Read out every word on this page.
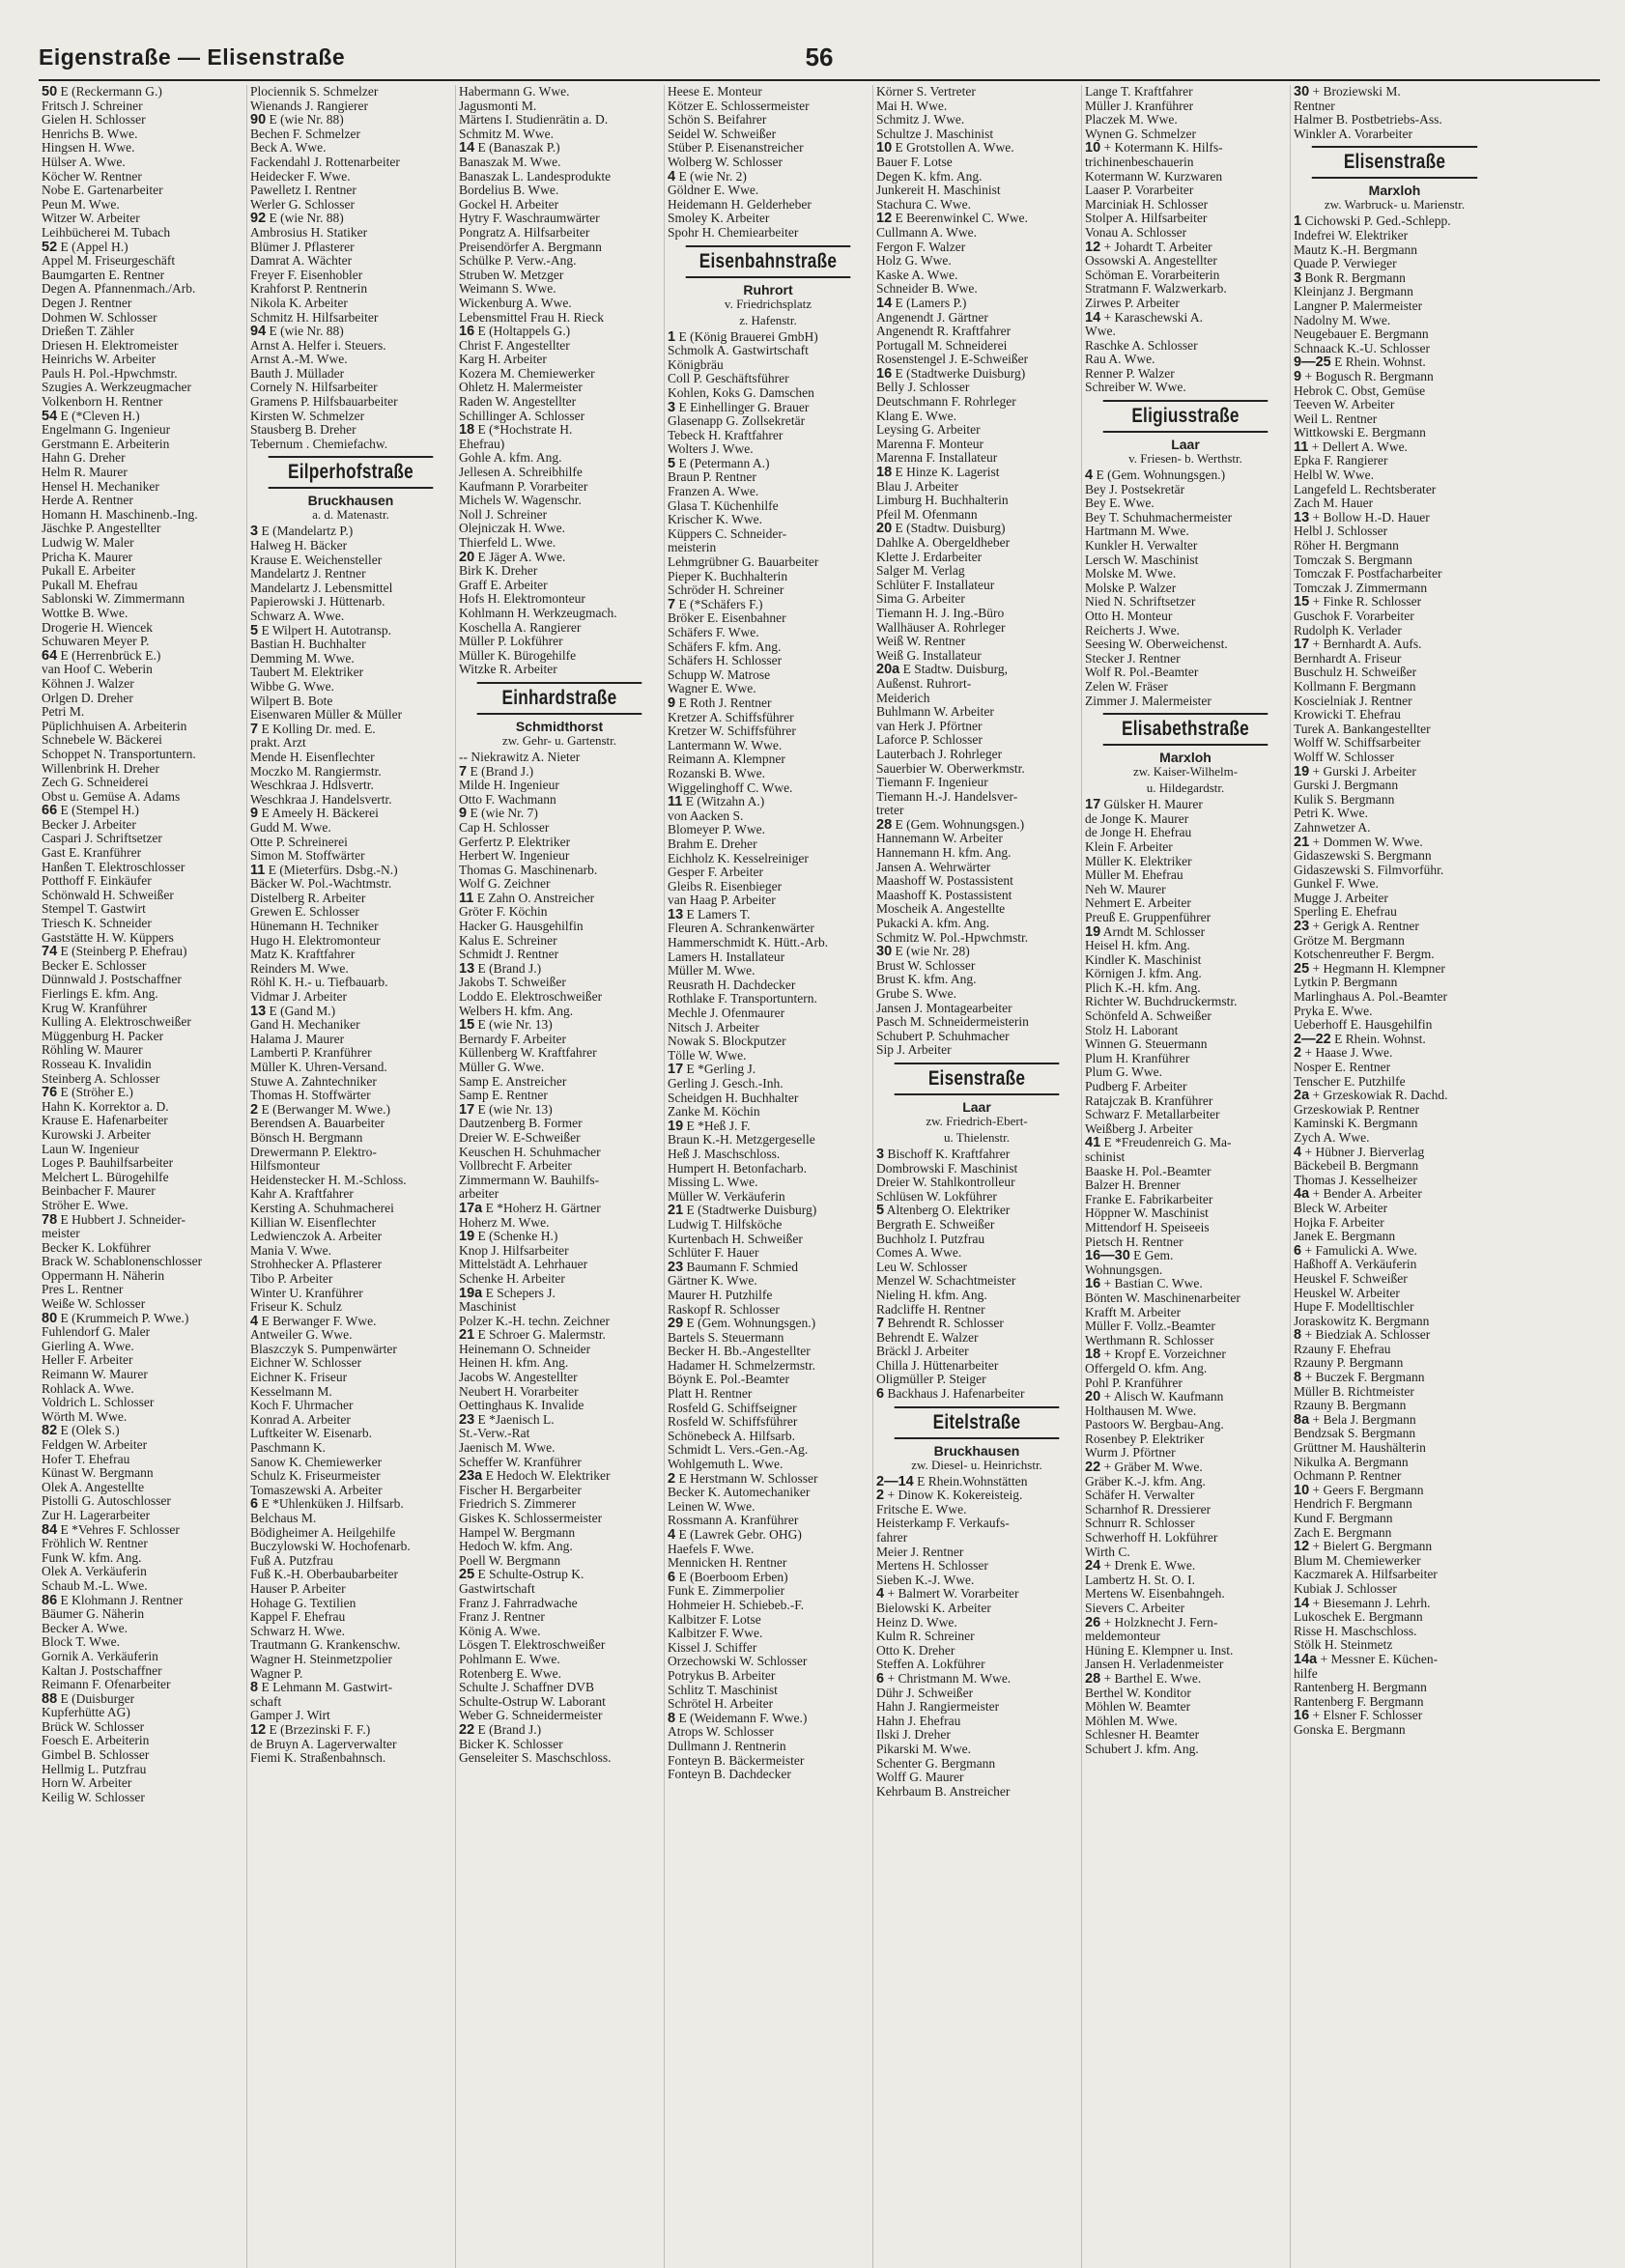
Eigenstraße — Elisenstraße	56
50 E (Reckermann G.)
Fritsch J. Schreiner
Gielen H. Schlosser
Henrichs B. Wwe.
Hingsen H. Wwe.
Hülser A. Wwe.
Köcher W. Rentner
Nobe E. Gartenarbeiter
Peun M. Wwe.
Witzer W. Arbeiter
Leihbücherei M. Tubach
52 E (Appel H.)
Appel M. Friseurgeschäft
Baumgarten E. Rentner
Degen A. Pfannenmach./Arb.
Degen J. Rentner
Dohmen W. Schlosser
Drießen T. Zähler
Driesen H. Elektromeister
Heinrichs W. Arbeiter
Pauls H. Pol.-Hpwchmstr.
Szugies A. Werkzeugmacher
Volkenborn H. Rentner
54 E (*Cleven H.)
Engelmann G. Ingenieur
Gerstmann E. Arbeiterin
Hahn G. Dreher
Helm R. Maurer
Hensel H. Mechaniker
Herde A. Rentner
Homann H. Maschinenb.-Ing.
Jäschke P. Angestellter
Ludwig W. Maler
Pricha K. Maurer
Pukall E. Arbeiter
Pukall M. Ehefrau
Sablonski W. Zimmermann
Wottke B. Wwe.
Drogerie H. Wiencek
Schuwaren Meyer P.
64 E (Herrenbrück E.)
van Hoof C. Weberin
Köhnen J. Walzer
Orlgen D. Dreher
Petri M.
Püplichhuisen A. Arbeiterin
Schnebele W. Bäckerei
Schoppet N. Transportuntern.
Willenbrink H. Dreher
Zech G. Schneiderei
Obst u. Gemüse A. Adams
66 E (Stempel H.)
Becker J. Arbeiter
Caspari J. Schriftsetzer
Gast E. Kranführer
Hanßen T. Elektroschlosser
Potthoff F. Einkäufer
Schönwald H. Schweißer
Stempel T. Gastwirt
Triesch K. Schneider
Gaststätte H. W. Küppers
74 E (Steinberg P. Ehefrau)
Becker E. Schlosser
Dünnwald J. Postschaffner
Fierlings E. kfm. Ang.
Krug W. Kranführer
Kulling A. Elektroschweißer
Müggenburg H. Packer
Röhling W. Maurer
Rosseau K. Invalidin
Steinberg A. Schlosser
76 E (Ströher E.)
Hahn K. Korrektor a. D.
Krause E. Hafenarbeiter
Kurowski J. Arbeiter
Laun W. Ingenieur
Loges P. Bauhilfsarbeiter
Melchert L. Bürogehilfe
Beinbacher F. Maurer
Ströher E. Wwe.
78 E Hubbert J. Schneider-
meister
Becker K. Lokführer
Brack W. Schablonenschlosser
Oppermann H. Näherin
Pres L. Rentner
Weiße W. Schlosser
80 E (Krummeich P. Wwe.)
Fuhlendorf G. Maler
Gierling A. Wwe.
Heller F. Arbeiter
Reimann W. Maurer
Rohlack A. Wwe.
Voldrich L. Schlosser
Wörth M. Wwe.
82 E (Olek S.)
Feldgen W. Arbeiter
Hofer T. Ehefrau
Künast W. Bergmann
Olek A. Angestellte
Pistolli G. Autoschlosser
Zur H. Lagerarbeiter
84 E *Vehres F. Schlosser
Fröhlich W. Rentner
Funk W. kfm. Ang.
Olek A. Verkäuferin
Schaub M.-L. Wwe.
86 E Klohmann J. Rentner
Bäumer G. Näherin
Becker A. Wwe.
Block T. Wwe.
Gornik A. Verkäuferin
Kaltan J. Postschaffner
Reimann F. Ofenarbeiter
88 E (Duisburger
Kupferhütte AG)
Brück W. Schlosser
Foesch E. Arbeiterin
Gimbel B. Schlosser
Hellmig L. Putzfrau
Horn W. Arbeiter
Keilig W. Schlosser
Plociennik S. Schmelzer
Wienands J. Rangierer
90 E (wie Nr. 88)
Bechen F. Schmelzer
Beck A. Wwe.
Fackendahl J. Rottenarbeiter
Heidecker F. Wwe.
Pawelletz I. Rentner
Werler G. Schlosser
92 E (wie Nr. 88)
Ambrosius H. Statiker
Blümer J. Pflasterer
Damrat A. Wächter
Freyer F. Eisenhobler
Krahforst P. Rentnerin
Nikola K. Arbeiter
Schmitz H. Hilfsarbeiter
94 E (wie Nr. 88)
Arnst A. Helfer i. Steuers.
Arnst A.-M. Wwe.
Bauth J. Müllader
Cornely N. Hilfsarbeiter
Gramens P. Hilfsbauarbeiter
Kirsten W. Schmelzer
Stausberg B. Dreher
Tebernum . Chemiefachw.
Eilperhofstraße
Bruckhausen
a. d. Matenastr.
3 E (Mandelartz P.)
Halweg H. Bäcker
Krause E. Weichensteller
Mandelartz J. Rentner
Mandelartz J. Lebensmittel
Papierowski J. Hüttenarb.
Schwarz A. Wwe.
5 E Wilpert H. Autotransp.
Bastian H. Buchhalter
Demming M. Wwe.
Taubert M. Elektriker
Wibbe G. Wwe.
Wilpert B. Bote
Eisenwaren Müller & Müller
7 E Kolling Dr. med. E.
prakt. Arzt
Mende H. Eisenflechter
Moczko M. Rangiermstr.
Weschkraa J. Hdlsvertr.
Weschkraa J. Handelsvertr.
9 E Ameely H. Bäckerei
Gudd M. Wwe.
Otte P. Schreinerei
Simon M. Stoffwärter
11 E (Mieterfürs. Dsbg.-N.)
Bäcker W. Pol.-Wachtmstr.
Distelberg R. Arbeiter
Grewen E. Schlosser
Hünemann H. Techniker
Hugo H. Elektromonteur
Matz K. Kraftfahrer
Reinders M. Wwe.
Röhl K. H.- u. Tiefbauarb.
Vidmar J. Arbeiter
13 E (Gand M.)
Gand H. Mechaniker
Halama J. Maurer
Lamberti P. Kranführer
Müller K. Uhren-Versand.
Stuwe A. Zahntechniker
Thomas H. Stoffwärter
2 E (Berwanger M. Wwe.)
Berendsen A. Bauarbeiter
Bönsch H. Bergmann
Drewermann P. Elektro-
Hilfsmonteur
Heidenstecker H. M.-Schloss.
Kahr A. Kraftfahrer
Kersting A. Schuhmacherei
Killian W. Eisenflechter
Ledwienczok A. Arbeiter
Mania V. Wwe.
Strohhecker A. Pflasterer
Tibo P. Arbeiter
Winter U. Kranführer
Friseur K. Schulz
4 E Berwanger F. Wwe.
Antweiler G. Wwe.
Blaszczyk S. Pumpenwärter
Eichner W. Schlosser
Eichner K. Friseur
Kesselmann M.
Koch F. Uhrmacher
Konrad A. Arbeiter
Luftkeiter W. Eisenarb.
Paschmann K.
Sanow K. Chemiewerker
Schulz K. Friseurmeister
Tomaszewski A. Arbeiter
6 E *Uhlenküken J. Hilfsarb.
Belchaus M.
Bödigheimer A. Heilgehilfe
Buczylowski W. Hochofenarb.
Fuß A. Putzfrau
Fuß K.-H. Oberbaubarbeiter
Hauser P. Arbeiter
Hohage G. Textilien
Kappel F. Ehefrau
Schwarz H. Wwe.
Trautmann G. Krankenschw.
Wagner H. Steinmetzpolier
Wagner P.
8 E Lehmann M. Gastwirt-
schaft
Gamper J. Wirt
12 E (Brzezinski F. F.)
de Bruyn A. Lagerverwalter
Fiemi K. Straßenbahnsch.
Habermann G. Wwe.
Jagusmonti M.
Märtens I. Studienrätin a. D.
Schmitz M. Wwe.
14 E (Banaszak P.)
Banaszak M. Wwe.
Banaszak L. Landesprodukte
Bordelius B. Wwe.
Gockel H. Arbeiter
Hytry F. Waschraumwärter
Pongratz A. Hilfsarbeiter
Preisendörfer A. Bergmann
Schülke P. Verw.-Ang.
Struben W. Metzger
Weimann S. Wwe.
Wickenburg A. Wwe.
Lebensmittel Frau H. Rieck
16 E (Holtappels G.)
Christ F. Angestellter
Karg H. Arbeiter
Kozera M. Chemiewerker
Ohletz H. Malermeister
Raden W. Angestellter
Schillinger A. Schlosser
18 E (*Hochstrate H.
Ehefrau)
Gohle A. kfm. Ang.
Jellesen A. Schreibhilfe
Kaufmann P. Vorarbeiter
Michels W. Wagenschr.
Noll J. Schreiner
Olejniczak H. Wwe.
Thierfeld L. Wwe.
20 E Jäger A. Wwe.
Birk K. Dreher
Graff E. Arbeiter
Hofs H. Elektromonteur
Kohlmann H. Werkzeugmach.
Koschella A. Rangierer
Müller P. Lokführer
Müller K. Bürogehilfe
Witzke R. Arbeiter
Einhardstraße
Schmidthorst
zw. Gehr- u. Gartenstr.
-- Niekrawitz A. Nieter
7 E (Brand J.)
Milde H. Ingenieur
Otto F. Wachmann
9 E (wie Nr. 7)
Cap H. Schlosser
Gerfertz P. Elektriker
Herbert W. Ingenieur
Thomas G. Maschinenarb.
Wolf G. Zeichner
11 E Zahn O. Anstreicher
Gröter F. Köchin
Hacker G. Hausgehilfin
Kalus E. Schreiner
Schmidt J. Rentner
13 E (Brand J.)
Jakobs T. Schweißer
Loddo E. Elektroschweißer
Welbers H. kfm. Ang.
15 E (wie Nr. 13)
Bernardy F. Arbeiter
Küllenberg W. Kraftfahrer
Müller G. Wwe.
Samp E. Anstreicher
Samp E. Rentner
17 E (wie Nr. 13)
Dautzenberg B. Former
Dreier W. E-Schweißer
Keuschen H. Schuhmacher
Vollbrecht F. Arbeiter
Zimmermann W. Bauhilfs-
arbeiter
17a E *Hoherz H. Gärtner
Hoherz M. Wwe.
19 E (Schenke H.)
Knop J. Hilfsarbeiter
Mittelstädt A. Lehrhauer
Schenke H. Arbeiter
19a E Schepers J.
Maschinist
Polzer K.-H. techn. Zeichner
21 E Schroer G. Malermstr.
Heinemann O. Schneider
Heinen H. kfm. Ang.
Jacobs W. Angestellter
Neubert H. Vorarbeiter
Oettinghaus K. Invalide
23 E *Jaenisch L.
St.-Verw.-Rat
Jaenisch M. Wwe.
Scheffer W. Kranführer
23a E Hedoch W. Elektriker
Fischer H. Bergarbeiter
Friedrich S. Zimmerer
Giskes K. Schlossermeister
Hampel W. Bergmann
Hedoch W. kfm. Ang.
Poell W. Bergmann
25 E Schulte-Ostrup K.
Gastwirtschaft
Franz J. Fahrradwache
Franz J. Rentner
König A. Wwe.
Lösgen T. Elektroschweißer
Pohlmann E. Wwe.
Rotenberg E. Wwe.
Schulte J. Schaffner DVB
Schulte-Ostrup W. Laborant
Weber G. Schneidermeister
22 E (Brand J.)
Bicker K. Schlosser
Genseleiter S. Maschschloss.
Heese E. Monteur
Kötzer E. Schlossermeister
Schön S. Beifahrer
Seidel W. Schweißer
Stüber P. Eisenanstreicher
Wolberg W. Schlosser
4 E (wie Nr. 2)
Göldner E. Wwe.
Heidemann H. Gelderheber
Smoley K. Arbeiter
Spohr H. Chemiearbeiter
Eisenbahnstraße
Ruhrort
v. Friedrichsplatz
z. Hafenstr.
1 E (König Brauerei GmbH)
Schmolk A. Gastwirtschaft
Königbräu
Coll P. Geschäftsführer
Kohlen, Koks G. Damschen
3 E Einhellinger G. Brauer
Glasenapp G. Zollsekretär
Tebeck H. Kraftfahrer
Wolters J. Wwe.
5 E (Petermann A.)
Braun P. Rentner
Franzen A. Wwe.
Glasa T. Küchenhilfe
Krischer K. Wwe.
Küppers C. Schneider-
meisterin
Lehmgrübner G. Bauarbeiter
Pieper K. Buchhalterin
Schröder H. Schreiner
7 E (*Schäfers F.)
Bröker E. Eisenbahner
Schäfers F. Wwe.
Schäfers F. kfm. Ang.
Schäfers H. Schlosser
Schupp W. Matrose
Wagner E. Wwe.
9 E Roth J. Rentner
Kretzer A. Schiffsführer
Kretzer W. Schiffsführer
Lantermann W. Wwe.
Reimann A. Klempner
Rozanski B. Wwe.
Wiggelinghoff C. Wwe.
11 E (Witzahn A.)
von Aacken S.
Blomeyer P. Wwe.
Brahm E. Dreher
Eichholz K. Kesselreiniger
Gesper F. Arbeiter
Gleibs R. Eisenbieger
van Haag P. Arbeiter
13 E Lamers T.
Fleuren A. Schrankenwärter
Hammerschmidt K. Hütt.-Arb.
Lamers H. Installateur
Müller M. Wwe.
Reusrath H. Dachdecker
Rothlake F. Transportuntern.
Mechle J. Ofenmaurer
Nitsch J. Arbeiter
Nowak S. Blockputzer
Tölle W. Wwe.
17 E *Gerling J.
Gerling J. Gesch.-Inh.
Scheidgen H. Buchhalter
Zanke M. Köchin
19 E *Heß J. F.
Braun K.-H. Metzgergeselle
Heß J. Maschschloss.
Humpert H. Betonfacharb.
Missing L. Wwe.
Müller W. Verkäuferin
21 E (Stadtwerke Duisburg)
Ludwig T. Hilfsköche
Kurtenbach H. Schweißer
Schlüter F. Hauer
23 Baumann F. Schmied
Gärtner K. Wwe.
Maurer H. Putzhilfe
Raskopf R. Schlosser
29 E (Gem. Wohnungsgen.)
Bartels S. Steuermann
Becker H. Bb.-Angestellter
Hadamer H. Schmelzermstr.
Böynk E. Pol.-Beamter
Platt H. Rentner
Rosfeld G. Schiffseigner
Rosfeld W. Schiffsführer
Schönebeck A. Hilfsarb.
Schmidt L. Vers.-Gen.-Ag.
Wohlgemuth L. Wwe.
2 E Herstmann W. Schlosser
Becker K. Automechaniker
Leinen W. Wwe.
Rossmann A. Kranführer
4 E (Lawrek Gebr. OHG)
Haefels F. Wwe.
Mennicken H. Rentner
6 E (Boerboom Erben)
Funk E. Zimmerpolier
Hohmeier H. Schiebeb.-F.
Kalbitzer F. Lotse
Kalbitzer F. Wwe.
Kissel J. Schiffer
Orzechowski W. Schlosser
Potrykus B. Arbeiter
Schlitz T. Maschinist
Schrötel H. Arbeiter
8 E (Weidemann F. Wwe.)
Atrops W. Schlosser
Dullmann J. Rentnerin
Fonteyn B. Bäckermeister
Fonteyn B. Dachdecker
Körner S. Vertreter
Mai H. Wwe.
Schmitz J. Wwe.
Schultze J. Maschinist
10 E Grotstollen A. Wwe.
Bauer F. Lotse
Degen K. kfm. Ang.
Junkereit H. Maschinist
Stachura C. Wwe.
12 E Beerenwinkel C. Wwe.
Cullmann A. Wwe.
Fergon F. Walzer
Holz G. Wwe.
Kaske A. Wwe.
Schneider B. Wwe.
14 E (Lamers P.)
Angenendt J. Gärtner
Angenendt R. Kraftfahrer
Portugall M. Schneiderei
Rosenstengel J. E-Schweißer
16 E (Stadtwerke Duisburg)
Belly J. Schlosser
Deutschmann F. Rohrleger
Klang E. Wwe.
Leysing G. Arbeiter
Marenna F. Monteur
Marenna F. Installateur
18 E Hinze K. Lagerist
Blau J. Arbeiter
Limburg H. Buchhalterin
Pfeil M. Ofenmann
20 E (Stadtw. Duisburg)
Dahlke A. Obergeldheber
Klette J. Erdarbeiter
Salger M. Verlag
Schlüter F. Installateur
Sima G. Arbeiter
Tiemann H. J. Ing.-Büro
Wallhäuser A. Rohrleger
Weiß W. Rentner
Weiß G. Installateur
20a E Stadtw. Duisburg,
Außenst. Ruhrort-
Meiderich
Buhlmann W. Arbeiter
van Herk J. Pförtner
Laforce P. Schlosser
Lauterbach J. Rohrleger
Sauerbier W. Oberwerkmstr.
Tiemann F. Ingenieur
Tiemann H.-J. Handelsver-
treter
28 E (Gem. Wohnungsgen.)
Hannemann W. Arbeiter
Hannemann H. kfm. Ang.
Jansen A. Wehrwärter
Maashoff W. Postassistent
Maashoff K. Postassistent
Moscheik A. Angestellte
Pukacki A. kfm. Ang.
Schmitz W. Pol.-Hpwchmstr.
30 E (wie Nr. 28)
Brust W. Schlosser
Brust K. kfm. Ang.
Grube S. Wwe.
Jansen J. Montagearbeiter
Pasch M. Schneidermeisterin
Schubert P. Schuhmacher
Sip J. Arbeiter
Eisenstraße
Laar
zw. Friedrich-Ebert-
u. Thielenstr.
3 Bischoff K. Kraftfahrer
Dombrowski F. Maschinist
Dreier W. Stahlkontrolleur
Schlüsen W. Lokführer
5 Altenberg O. Elektriker
Bergrath E. Schweißer
Buchholz I. Putzfrau
Comes A. Wwe.
Leu W. Schlosser
Menzel W. Schachtmeister
Nieling H. kfm. Ang.
Radcliffe H. Rentner
7 Behrendt R. Schlosser
Behrendt E. Walzer
Bräckl J. Arbeiter
Chilla J. Hüttenarbeiter
Oligmüller P. Steiger
6 Backhaus J. Hafenarbeiter
Eitelstraße
Bruckhausen
zw. Diesel- u. Heinrichstr.
2—14 E Rhein.Wohnstätten
2 + Dinow K. Kokereisteig.
Fritsche E. Wwe.
Heisterkamp F. Verkaufs-
fahrer
Meier J. Rentner
Mertens H. Schlosser
Sieben K.-J. Wwe.
4 + Balmert W. Vorarbeiter
Bielowski K. Arbeiter
Heinz D. Wwe.
Kulm R. Schreiner
Otto K. Dreher
Steffen A. Lokführer
6 + Christmann M. Wwe.
Dühr J. Schweißer
Hahn J. Rangiermeister
Hahn J. Ehefrau
Ilski J. Dreher
Pikarski M. Wwe.
Schenter G. Bergmann
Wolff G. Maurer
Kehrbaum B. Anstreicher
Lange T. Kraftfahrer
Müller J. Kranführer
Placzek M. Wwe.
Wynen G. Schmelzer
10 + Kotermann K. Hilfs-
trichinenbeschauerin
Kotermann W. Kurzwaren
Laaser P. Vorarbeiter
Marciniak H. Schlosser
Stolper A. Hilfsarbeiter
Vonau A. Schlosser
12 + Johardt T. Arbeiter
Ossowski A. Angestellter
Schöman E. Vorarbeiterin
Stratmann F. Walzwerkarb.
Zirwes P. Arbeiter
14 + Karaschewski A.
Wwe.
Raschke A. Schlosser
Rau A. Wwe.
Renner P. Walzer
Schreiber W. Wwe.
Eligiusstraße
Laar
v. Friesen- b. Werthstr.
4 E (Gem. Wohnungsgen.)
Bey J. Postsekretär
Bey E. Wwe.
Bey T. Schuhmachermeister
Hartmann M. Wwe.
Kunkler H. Verwalter
Lersch W. Maschinist
Molske M. Wwe.
Molske P. Walzer
Nied N. Schriftsetzer
Otto H. Monteur
Reicherts J. Wwe.
Seesing W. Oberweichenst.
Stecker J. Rentner
Wolf R. Pol.-Beamter
Zelen W. Fräser
Zimmer J. Malermeister
Elisabethstraße
Marxloh
zw. Kaiser-Wilhelm-
u. Hildegardstr.
17 Gülsker H. Maurer
de Jonge K. Maurer
de Jonge H. Ehefrau
Klein F. Arbeiter
Müller K. Elektriker
Müller M. Ehefrau
Neh W. Maurer
Nehmert E. Arbeiter
Preuß E. Gruppenführer
19 Arndt M. Schlosser
Heisel H. kfm. Ang.
Kindler K. Maschinist
Körnigen J. kfm. Ang.
Plich K.-H. kfm. Ang.
Richter W. Buchdruckermstr.
Schönfeld A. Schweißer
Stolz H. Laborant
Winnen G. Steuermann
Plum H. Kranführer
Plum G. Wwe.
Pudberg F. Arbeiter
Ratajczak B. Kranführer
Schwarz F. Metallarbeiter
Weißberg J. Arbeiter
41 E *Freudenreich G. Ma-
schinist
Baaske H. Pol.-Beamter
Balzer H. Brenner
Franke E. Fabrikarbeiter
Höppner W. Maschinist
Mittendorf H. Speiseeis
Pietsch H. Rentner
16—30 E Gem.
Wohnungsgen.
16 + Bastian C. Wwe.
Bönten W. Maschinenarbeiter
Krafft M. Arbeiter
Müller F. Vollz.-Beamter
Werthmann R. Schlosser
18 + Kropf E. Vorzeichner
Offergeld O. kfm. Ang.
Pohl P. Kranführer
20 + Alisch W. Kaufmann
Holthausen M. Wwe.
Pastoors W. Bergbau-Ang.
Rosenbey P. Elektriker
Wurm J. Pförtner
22 + Gräber M. Wwe.
Gräber K.-J. kfm. Ang.
Schäfer H. Verwalter
Scharnhof R. Dressierer
Schnurr R. Schlosser
Schwerhoff H. Lokführer
Wirth C.
24 + Drenk E. Wwe.
Lambertz H. St. O. I.
Mertens W. Eisenbahngeh.
Sievers C. Arbeiter
26 + Holzknecht J. Fern-
meldemonteur
Hüning E. Klempner u. Inst.
Jansen H. Verladenmeister
28 + Barthel E. Wwe.
Berthel W. Konditor
Möhlen W. Beamter
Möhlen M. Wwe.
Schlesner H. Beamter
Schubert J. kfm. Ang.
30 + Broziewski M.
Rentner
Halmer B. Postbetriebs-Ass.
Winkler A. Vorarbeiter
Elisenstraße
Marxloh
zw. Warbruck- u. Marienstr.
1 Cichowski P. Ged.-Schlepp.
Indefrei W. Elektriker
Mautz K.-H. Bergmann
Quade P. Verwieger
3 Bonk R. Bergmann
Kleinjanz J. Bergmann
Langner P. Malermeister
Nadolny M. Wwe.
Neugebauer E. Bergmann
Schnaack K.-U. Schlosser
9—25 E Rhein. Wohnst.
9 + Bogusch R. Bergmann
Hebrok C. Obst, Gemüse
Teeven W. Arbeiter
Weil L. Rentner
Wittkowski E. Bergmann
11 + Dellert A. Wwe.
Epka F. Rangierer
Helbl W. Wwe.
Langefeld L. Rechtsberater
Zach M. Hauer
13 + Bollow H.-D. Hauer
Helbl J. Schlosser
Röher H. Bergmann
Tomczak S. Bergmann
Tomczak F. Postfacharbeiter
Tomczak J. Zimmermann
15 + Finke R. Schlosser
Guschok F. Vorarbeiter
Rudolph K. Verlader
17 + Bernhardt A. Aufs.
Bernhardt A. Friseur
Buschulz H. Schweißer
Kollmann F. Bergmann
Koscielniak J. Rentner
Krowicki T. Ehefrau
Turek A. Bankangestellter
Wolff W. Schiffsarbeiter
Wolff W. Schlosser
19 + Gurski J. Arbeiter
Gurski J. Bergmann
Kulik S. Bergmann
Petri K. Wwe.
Zahnwetzer A.
21 + Dommen W. Wwe.
Gidaszewski S. Bergmann
Gidaszewski S. Filmvorführ.
Gunkel F. Wwe.
Mugge J. Arbeiter
Sperling E. Ehefrau
23 + Gerigk A. Rentner
Grötze M. Bergmann
Kotschenreuther F. Bergm.
25 + Hegmann H. Klempner
Lytkin P. Bergmann
Marlinghaus A. Pol.-Beamter
Pryka E. Wwe.
Ueberhoff E. Hausgehilfin
2—22 E Rhein. Wohnst.
2 + Haase J. Wwe.
Nosper E. Rentner
Tenscher E. Putzhilfe
2a + Grzeskowiak R. Dachd.
Grzeskowiak P. Rentner
Kaminski K. Bergmann
Zych A. Wwe.
4 + Hübner J. Bierverlag
Bäckebeil B. Bergmann
Thomas J. Kesselheizer
4a + Bender A. Arbeiter
Bleck W. Arbeiter
Hojka F. Arbeiter
Janek E. Bergmann
6 + Famulicki A. Wwe.
Haßhoff A. Verkäuferin
Heuskel F. Schweißer
Heuskel W. Arbeiter
Hupe F. Modelltischler
Joraskowitz K. Bergmann
8 + Biedziak A. Schlosser
Rzauny F. Ehefrau
Rzauny P. Bergmann
8 + Buczek F. Bergmann
Müller B. Richtmeister
Rzauny B. Bergmann
8a + Bela J. Bergmann
Bendzsak S. Bergmann
Grüttner M. Haushälterin
Nikulka A. Bergmann
Ochmann P. Rentner
10 + Geers F. Bergmann
Hendrich F. Bergmann
Kund F. Bergmann
Zach E. Bergmann
12 + Bielert G. Bergmann
Blum M. Chemiewerker
Kaczmarek A. Hilfsarbeiter
Kubiak J. Schlosser
14 + Biesemann J. Lehrh.
Lukoschek E. Bergmann
Risse H. Maschschloss.
Stölk H. Steinmetz
14a + Messner E. Küchen-
hilfe
Rantenberg H. Bergmann
Rantenberg F. Bergmann
16 + Elsner F. Schlosser
Gonska E. Bergmann
